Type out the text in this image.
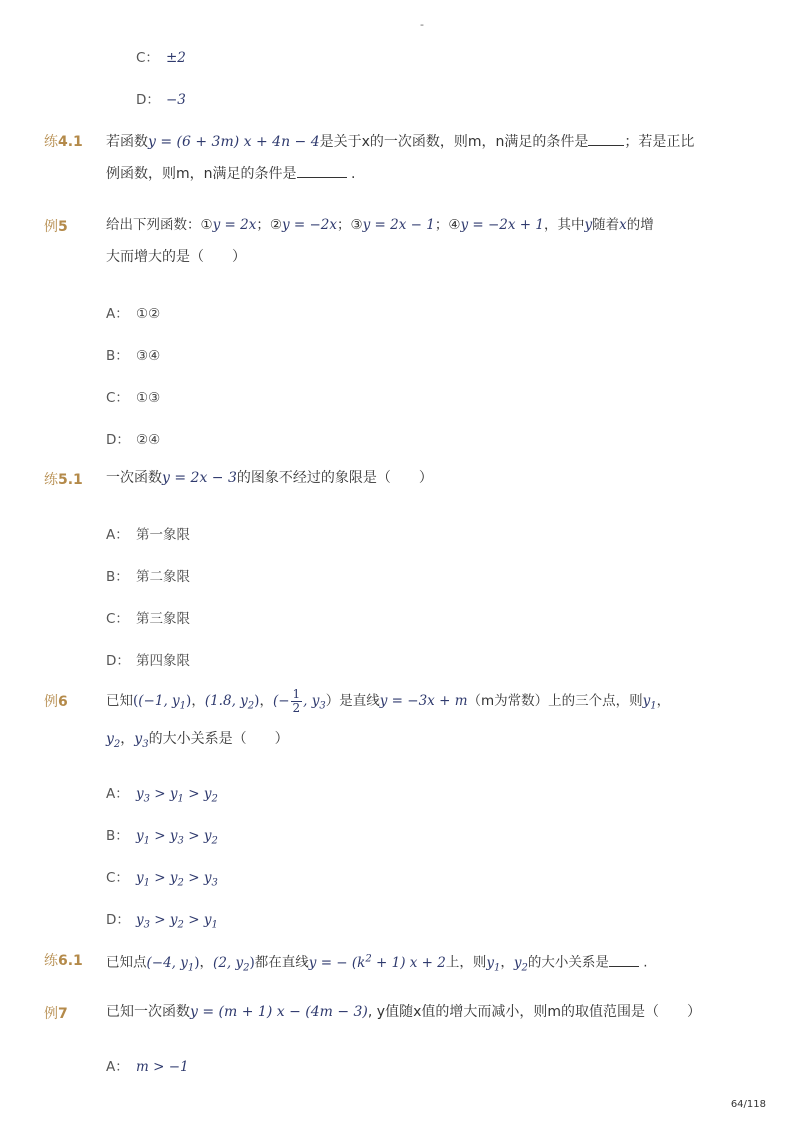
-
C： ±2
D： −3
练4.1 若函数y = (6 + 3m) x + 4n − 4是关于x的一次函数，则m，n满足的条件是	；若是正比
例函数，则m，n满足的条件是	.
例5	给出下列函数：①y = 2x；②y = −2x；③y = 2x − 1；④y = −2x + 1，其中y随着x的增
大而增大的是（　　）
A： ①②
B： ③④
C： ①③
D： ②④
练5.1 一次函数y = 2x − 3的图象不经过的象限是（　　）
A： 第一象限
B： 第二象限
C： 第三象限
D： 第四象限
例6	已知((−1, $y_1$)，(1.8, $y_2$)，(− $\frac{1}{2}$ , $y_3$）是直线y = −3x + m（m为常数）上的三个点，则$y_1$，
$y_2$，$y_3$的大小关系是（　　）
A： $y_3 > y_1 > y_2$
B： $y_1 > y_3 > y_2$
C： $y_1 > y_2 > y_3$
D： $y_3 > y_2 > y_1$
练6.1 已知点(−4, $y_1$)，(2, $y_2$)都在直线y = − $(k^2 + 1) x + 2$上，则$y_1$，$y_2$的大小关系是	.
例7	已知一次函数y = (m + 1) x − (4m − 3), y值随x值的增大而减小，则m的取值范围是（　　）
A： m > −1
64/118
